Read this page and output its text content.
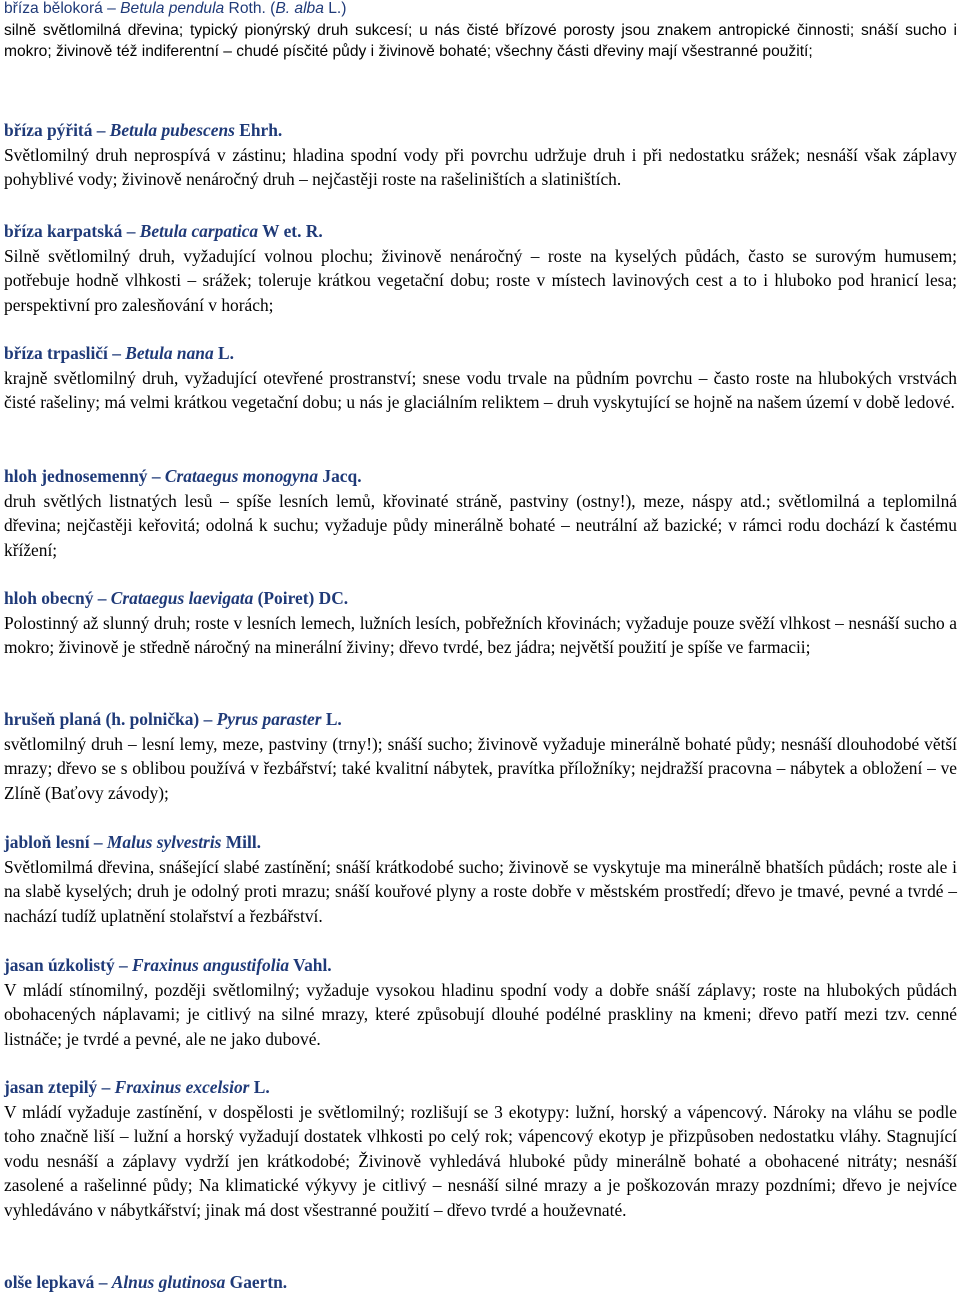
bříza bělokorá – Betula pendula Roth. (B. alba L.)

silně světlomilná dřevina; typický pionýrský druh sukcesí; u nás čisté břízové porosty jsou znakem antropické činnosti; snáší sucho i mokro; živinově též indiferentní – chudé písčité půdy i živinově bohaté; všechny části dřeviny mají všestranné použití;

bříza pýřitá – Betula pubescens Ehrh.

Světlomilný druh neprospívá v zástinu; hladina spodní vody při povrchu udržuje druh i při nedostatku srážek; nesnáší však záplavy pohyblivé vody; živinově nenáročný druh – nejčastěji roste na rašeliništích a slatiništích.

bříza karpatská – Betula carpatica W et. R.

Silně světlomilný druh, vyžadující volnou plochu; živinově nenáročný – roste na kyselých půdách, často se surovým humusem; potřebuje hodně vlhkosti – srážek; toleruje krátkou vegetační dobu; roste v místech lavinových cest a to i hluboko pod hranicí lesa; perspektivní pro zalesňování v horách;

bříza trpasličí – Betula nana L.

krajně světlomilný druh, vyžadující otevřené prostranství; snese vodu trvale na půdním povrchu – často roste na hlubokých vrstvách čisté rašeliny; má velmi krátkou vegetační dobu; u nás je glaciálním reliktem – druh vyskytující se hojně na našem území v době ledové.

hloh jednosemenný – Crataegus monogyna Jacq.

druh světlých listnatých lesů – spíše lesních lemů, křovinaté stráně, pastviny (ostny!), meze, náspy atd.; světlomilná a teplomilná dřevina; nejčastěji keřovitá; odolná k suchu; vyžaduje půdy minerálně bohaté – neutrální až bazické; v rámci rodu dochází k častému křížení;

hloh obecný – Crataegus laevigata (Poiret) DC.

Polostinný až slunný druh; roste v lesních lemech, lužních lesích, pobřežních křovinách; vyžaduje pouze svěží vlhkost – nesnáší sucho a mokro; živinově je středně náročný na minerální živiny; dřevo tvrdé, bez jádra; největší použití je spíše ve farmacii;

hrušeň planá (h. polnička) – Pyrus paraster L.

světlomilný druh – lesní lemy, meze, pastviny (trny!); snáší sucho; živinově vyžaduje minerálně bohaté půdy; nesnáší dlouhodobé větší mrazy; dřevo se s oblibou používá v řezbářství; také kvalitní nábytek, pravítka příložníky; nejdražší pracovna – nábytek a obložení – ve Zlíně (Baťovy závody);

jabloň lesní – Malus sylvestris Mill.

Světlomilmá dřevina, snášející slabé zastínění; snáší krátkodobé sucho; živinově se vyskytuje ma minerálně bhatších půdách; roste ale i na slabě kyselých; druh je odolný proti mrazu; snáší kouřové plyny a roste dobře v městském prostředí; dřevo je tmavé, pevné a tvrdé – nachází tudíž uplatnění stolařství a řezbářství.

jasan úzkolistý – Fraxinus angustifolia Vahl.

V mládí stínomilný, později světlomilný; vyžaduje vysokou hladinu spodní vody a dobře snáší záplavy; roste na hlubokých půdách obohacených náplavami; je citlivý na silné mrazy, které způsobují dlouhé podélné praskliny na kmeni; dřevo patří mezi tzv. cenné listnáče; je tvrdé a pevné, ale ne jako dubové.

jasan ztepilý – Fraxinus excelsior L.

V mládí vyžaduje zastínění, v dospělosti je světlomilný; rozlišují se 3 ekotypy: lužní, horský a vápencový. Nároky na vláhu se podle toho značně liší – lužní a horský vyžadují dostatek vlhkosti po celý rok; vápencový ekotyp je přizpůsoben nedostatku vláhy. Stagnující vodu nesnáší a záplavy vydrží jen krátkodobé; Živinově vyhledává hluboké půdy minerálně bohaté a obohacené nitráty; nesnáší zasolené a rašelinné půdy; Na klimatické výkyvy je citlivý – nesnáší silné mrazy a je poškozován mrazy pozdními; dřevo je nejvíce vyhledáváno v nábytkářství; jinak má dost všestranné použití – dřevo tvrdé a houževnaté.

olše lepkavá – Alnus glutinosa Gaertn.
